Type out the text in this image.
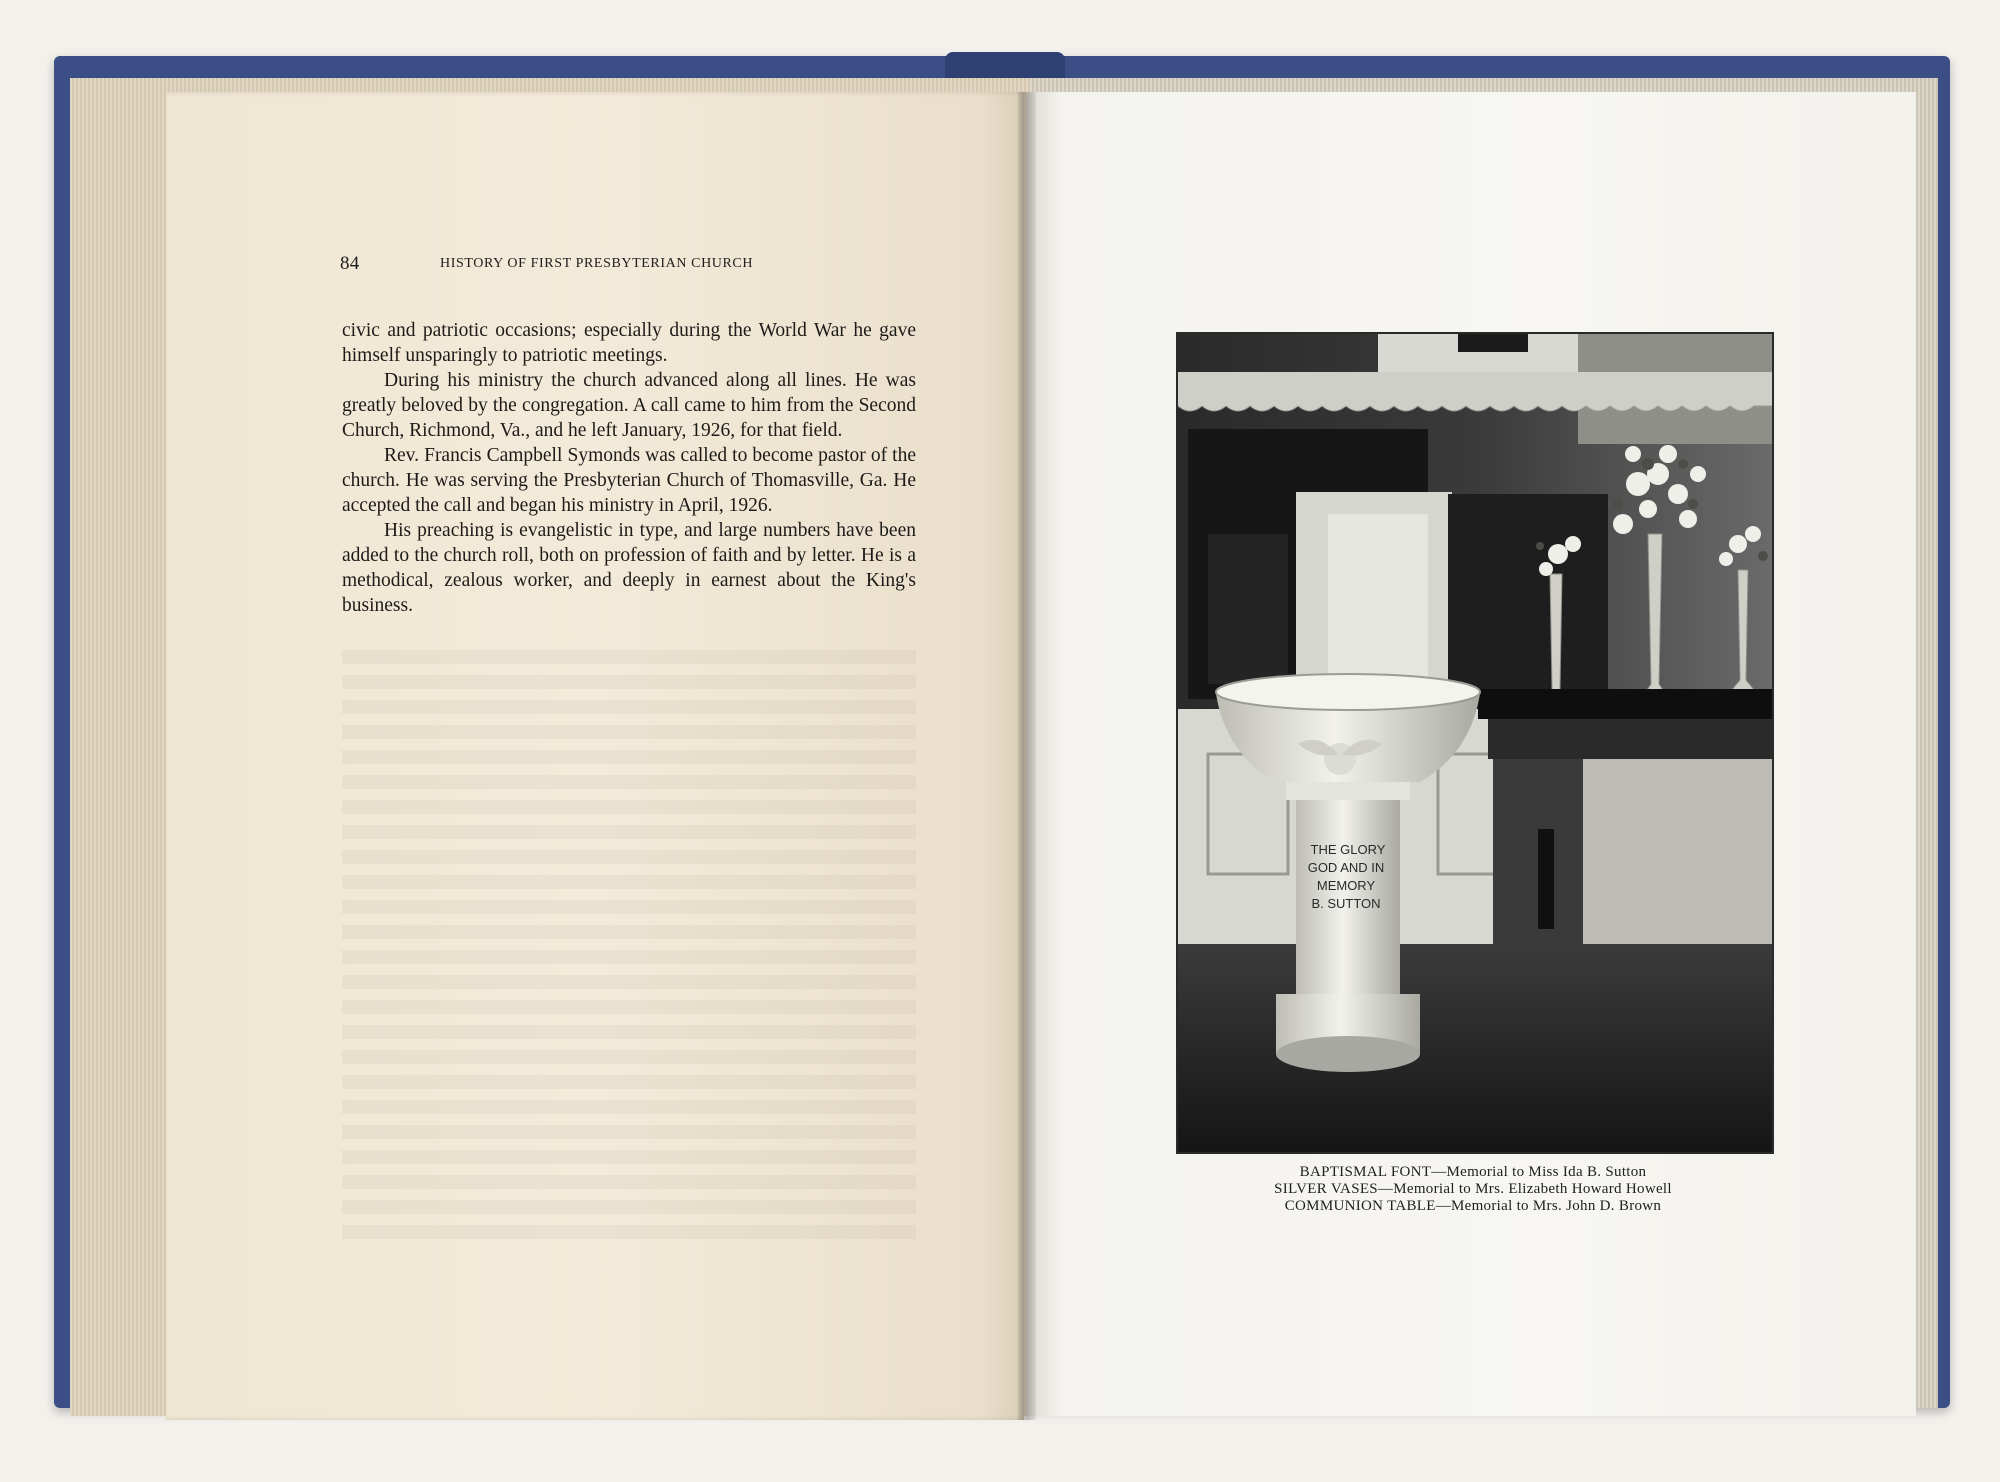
84	HISTORY OF FIRST PRESBYTERIAN CHURCH

civic and patriotic occasions; especially during the World War he gave himself unsparingly to patriotic meetings.

During his ministry the church advanced along all lines. He was greatly beloved by the congregation. A call came to him from the Second Church, Richmond, Va., and he left January, 1926, for that field.

Rev. Francis Campbell Symonds was called to become pastor of the church. He was serving the Presbyterian Church of Thomasville, Ga. He accepted the call and began his ministry in April, 1926.

His preaching is evangelistic in type, and large numbers have been added to the church roll, both on profession of faith and by letter. He is a methodical, zealous worker, and deeply in earnest about the King's business.

THE GLORY
GOD AND IN
MEMORY
B. SUTTON
BAPTISMAL FONT—Memorial to Miss Ida B. Sutton
SILVER VASES—Memorial to Mrs. Elizabeth Howard Howell
COMMUNION TABLE—Memorial to Mrs. John D. Brown
